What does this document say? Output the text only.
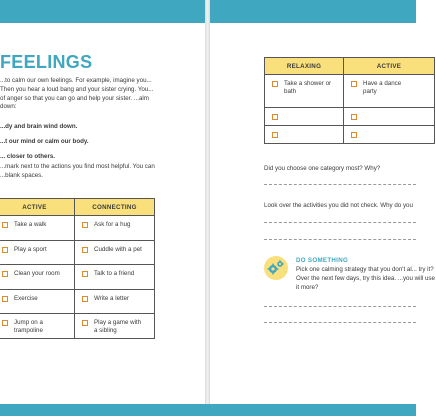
FEELINGS
...to calm our own feelings. For example, imagine you... Then you hear a loud bang and your sister crying. You... of anger so that you can go and help your sister. ...alm down:
...dy and brain wind down.
...t our mind or calm our body.
... closer to others.
...mark next to the actions you find most helpful. You can ...blank spaces.
ACTIVE	CONNECTING

Take a walk	Ask for a hug

Play a sport	Cuddle with a pet

Clean your room	Talk to a friend

Exercise	Write a letter

Jump on a trampoline	Play a game with a sibling
RELAXING	ACTIVE

Take a shower or bath	Have a dance party

Did you choose one category most? Why?
Look over the activities you did not check. Why do you
DO SOMETHING
Pick one calming strategy that you don't al... try it? Over the next few days, try this idea. ...you will use it more?
